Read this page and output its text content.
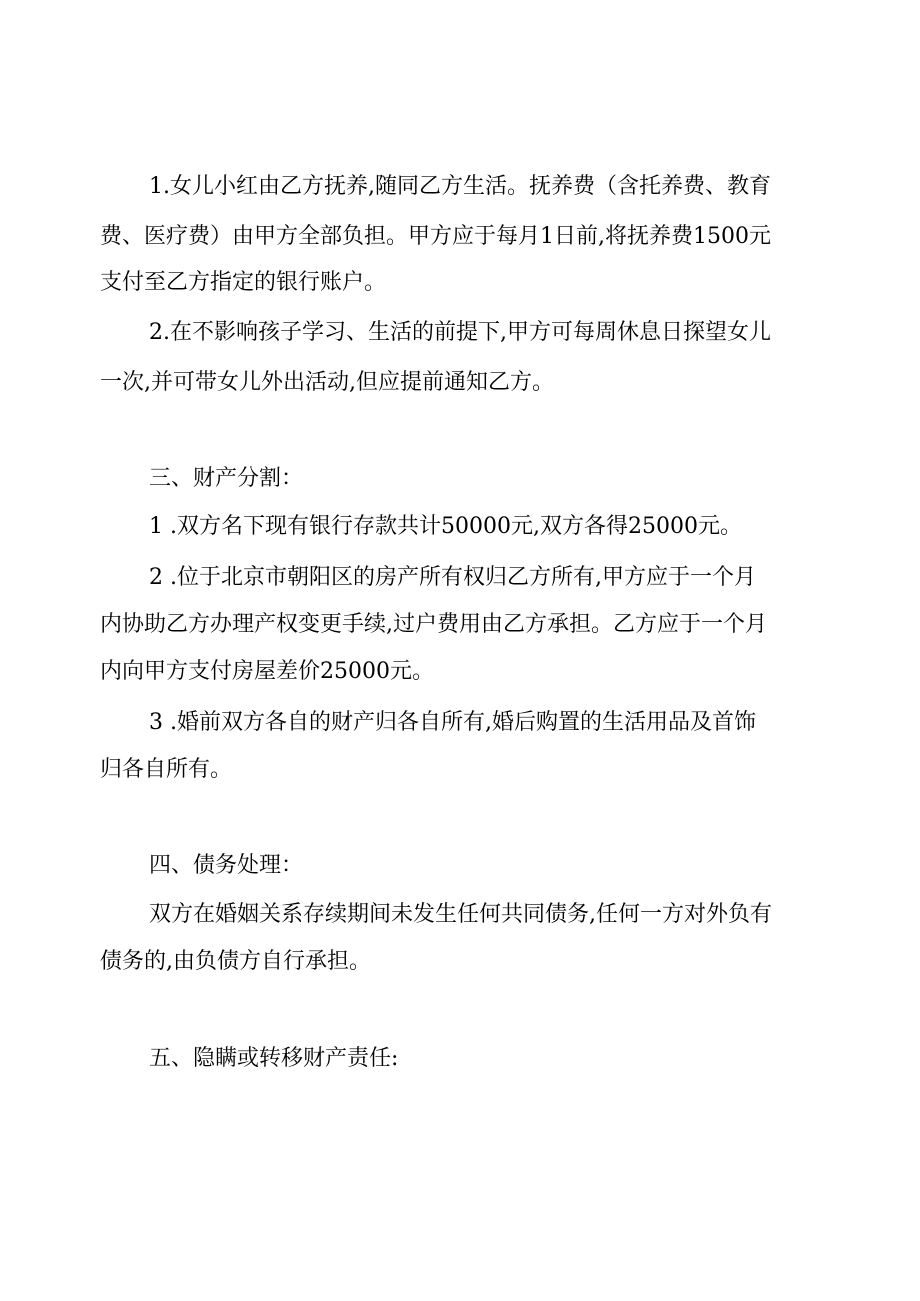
1.女儿小红由乙方抚养,随同乙方生活。抚养费（含托养费、教育

费、医疗费）由甲方全部负担。甲方应于每月1日前,将抚养费1500元

支付至乙方指定的银行账户。

2.在不影响孩子学习、生活的前提下,甲方可每周休息日探望女儿

一次,并可带女儿外出活动,但应提前通知乙方。

三、财产分割：

1 .双方名下现有银行存款共计50000元,双方各得25000元。

2 .位于北京市朝阳区的房产所有权归乙方所有,甲方应于一个月

内协助乙方办理产权变更手续,过户费用由乙方承担。乙方应于一个月

内向甲方支付房屋差价25000元。

3 .婚前双方各自的财产归各自所有,婚后购置的生活用品及首饰

归各自所有。

四、债务处理：

双方在婚姻关系存续期间未发生任何共同债务,任何一方对外负有

债务的,由负债方自行承担。

五、隐瞒或转移财产责任:
